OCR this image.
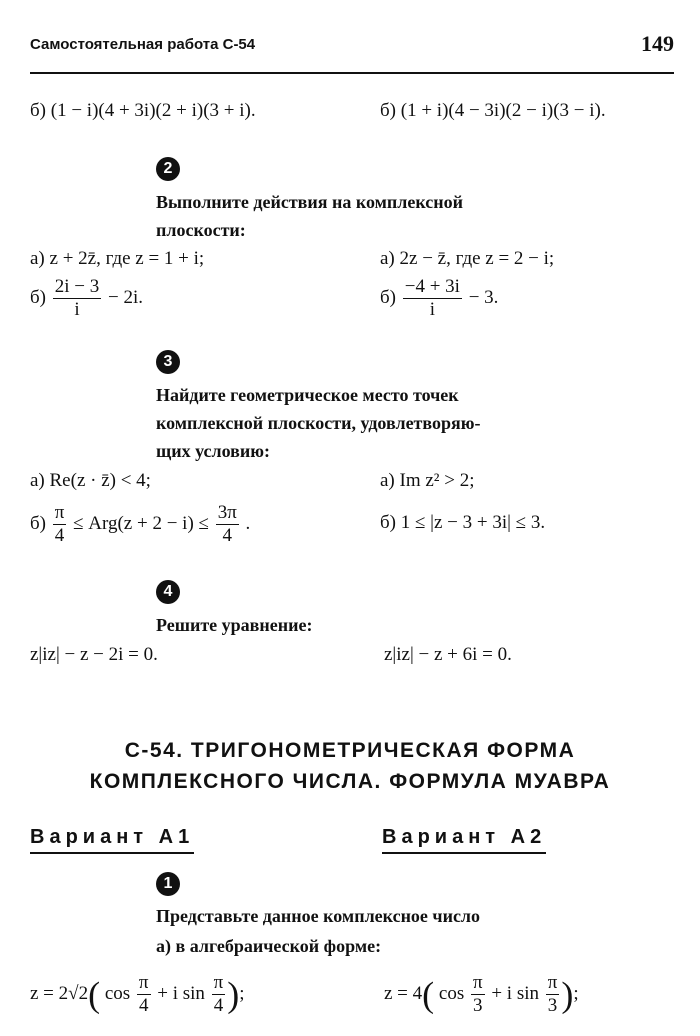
Самостоятельная работа С-54	149
б) (1 − i)(4 + 3i)(2 + i)(3 + i).	б) (1 + i)(4 − 3i)(2 − i)(3 − i).
2
Выполните действия на комплексной
плоскости:
а) z + 2z̄, где z = 1 + i;	а) 2z − z̄, где z = 2 − i;
$б) \frac{2i - 3}{i} - 2i$.	$б) \frac{-4 + 3i}{i} - 3$.
3
Найдите геометрическое место точек
комплексной плоскости, удовлетворяю-
щих условию:
а) Re(z · z̄) < 4;	а) Im z² > 2;
$б) \frac{\pi}{4} \le Arg(z + 2 - i) \le \frac{3\pi}{4}$ .	б) 1 ≤ |z − 3 + 3i| ≤ 3.
4
Решите уравнение:
z|iz| − z − 2i = 0.	z|iz| − z + 6i = 0.
С-54. ТРИГОНОМЕТРИЧЕСКАЯ ФОРМА
КОМПЛЕКСНОГО ЧИСЛА. ФОРМУЛА МУАВРА
Вариант А1	Вариант А2
1
Представьте данное комплексное число
а) в алгебраической форме:
z = 2√2( $\cos \frac{\pi}{4} + i$ $\sin \frac{\pi}{4}$ );	z = 4( $\cos \frac{\pi}{3} + i$ $\sin \frac{\pi}{3}$ );
